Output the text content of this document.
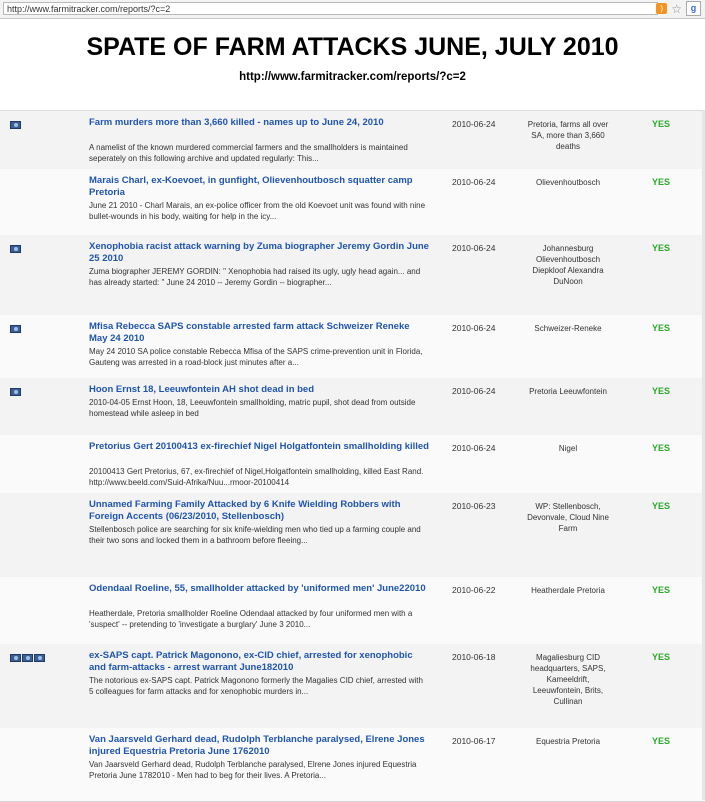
http://www.farmitracker.com/reports/?c=2	) ☆ g
SPATE OF FARM ATTACKS JUNE, JULY 2010
http://www.farmitracker.com/reports/?c=2
Farm murders more than 3,660 killed - names up to June 24, 2010
A namelist of the known murdered commercial farmers and the smallholders is maintained seperately on this following archive and updated regularly: This...
2010-06-24	Pretoria, farms all over SA, more than 3,660 deaths
YES
Marais Charl, ex-Koevoet, in gunfight, Olievenhoutbosch squatter camp Pretoria
June 21 2010 - Charl Marais, an ex-police officer from the old Koevoet unit was found with nine bullet-wounds in his body, waiting for help in the icy...
2010-06-24	Olievenhoutbosch	YES
Xenophobia racist attack warning by Zuma biographer Jeremy Gordin June 25 2010
Zuma biographer JEREMY GORDIN: " Xenophobia had raised its ugly, ugly head again... and has already started: " June 24 2010 -- Jeremy Gordin -- biographer...
2010-06-24	Johannesburg Olievenhoutbosch Diepkloof Alexandra DuNoon
YES
Mfisa Rebecca SAPS constable arrested farm attack Schweizer Reneke May 24 2010
May 24 2010 SA police constable Rebecca Mfisa of the SAPS crime-prevention unit in Florida, Gauteng was arrested in a road-block just minutes after a...
2010-06-24	Schweizer-Reneke	YES
Hoon Ernst 18, Leeuwfontein AH shot dead in bed
2010-04-05 Ernst Hoon, 18, Leeuwfontein smallholding, matric pupil, shot dead from outside homestead while asleep in bed
2010-06-24	Pretoria Leeuwfontein	YES
Pretorius Gert 20100413 ex-firechief Nigel Holgatfontein smallholding killed
20100413 Gert Pretorius, 67, ex-firechief of Nigel,Holgatfontein smallholding, killed East Rand. http://www.beeld.com/Suid-Afrika/Nuu...rmoor-20100414
2010-06-24	Nigel	YES
Unnamed Farming Family Attacked by 6 Knife Wielding Robbers with Foreign Accents (06/23/2010, Stellenbosch)
Stellenbosch police are searching for six knife-wielding men who tied up a farming couple and their two sons and locked them in a bathroom before fleeing...
2010-06-23	WP: Stellenbosch, Devonvale, Cloud Nine Farm
YES
Odendaal Roeline, 55, smallholder attacked by 'uniformed men' June22010
Heatherdale, Pretoria smallholder Roeline Odendaal attacked by four uniformed men with a 'suspect' -- pretending to 'investigate a burglary' June 3 2010...
2010-06-22	Heatherdale Pretoria	YES
ex-SAPS capt. Patrick Magonono, ex-CID chief, arrested for xenophobic and farm-attacks - arrest warrant June182010
The notorious ex-SAPS capt. Patrick Magonono formerly the Magalies CID chief, arrested with 5 colleagues for farm attacks and for xenophobic murders in...
2010-06-18	Magaliesburg CID headquarters, SAPS, Kameeldrift, Leeuwfontein, Brits, Cullinan
YES
Van Jaarsveld Gerhard dead, Rudolph Terblanche paralysed, Elrene Jones injured Equestria Pretoria June 1762010
Van Jaarsveld Gerhard dead, Rudolph Terblanche paralysed, Elrene Jones injured Equestria Pretoria June 1782010 - Men had to beg for their lives. A Pretoria...
2010-06-17	Equestria Pretoria	YES
